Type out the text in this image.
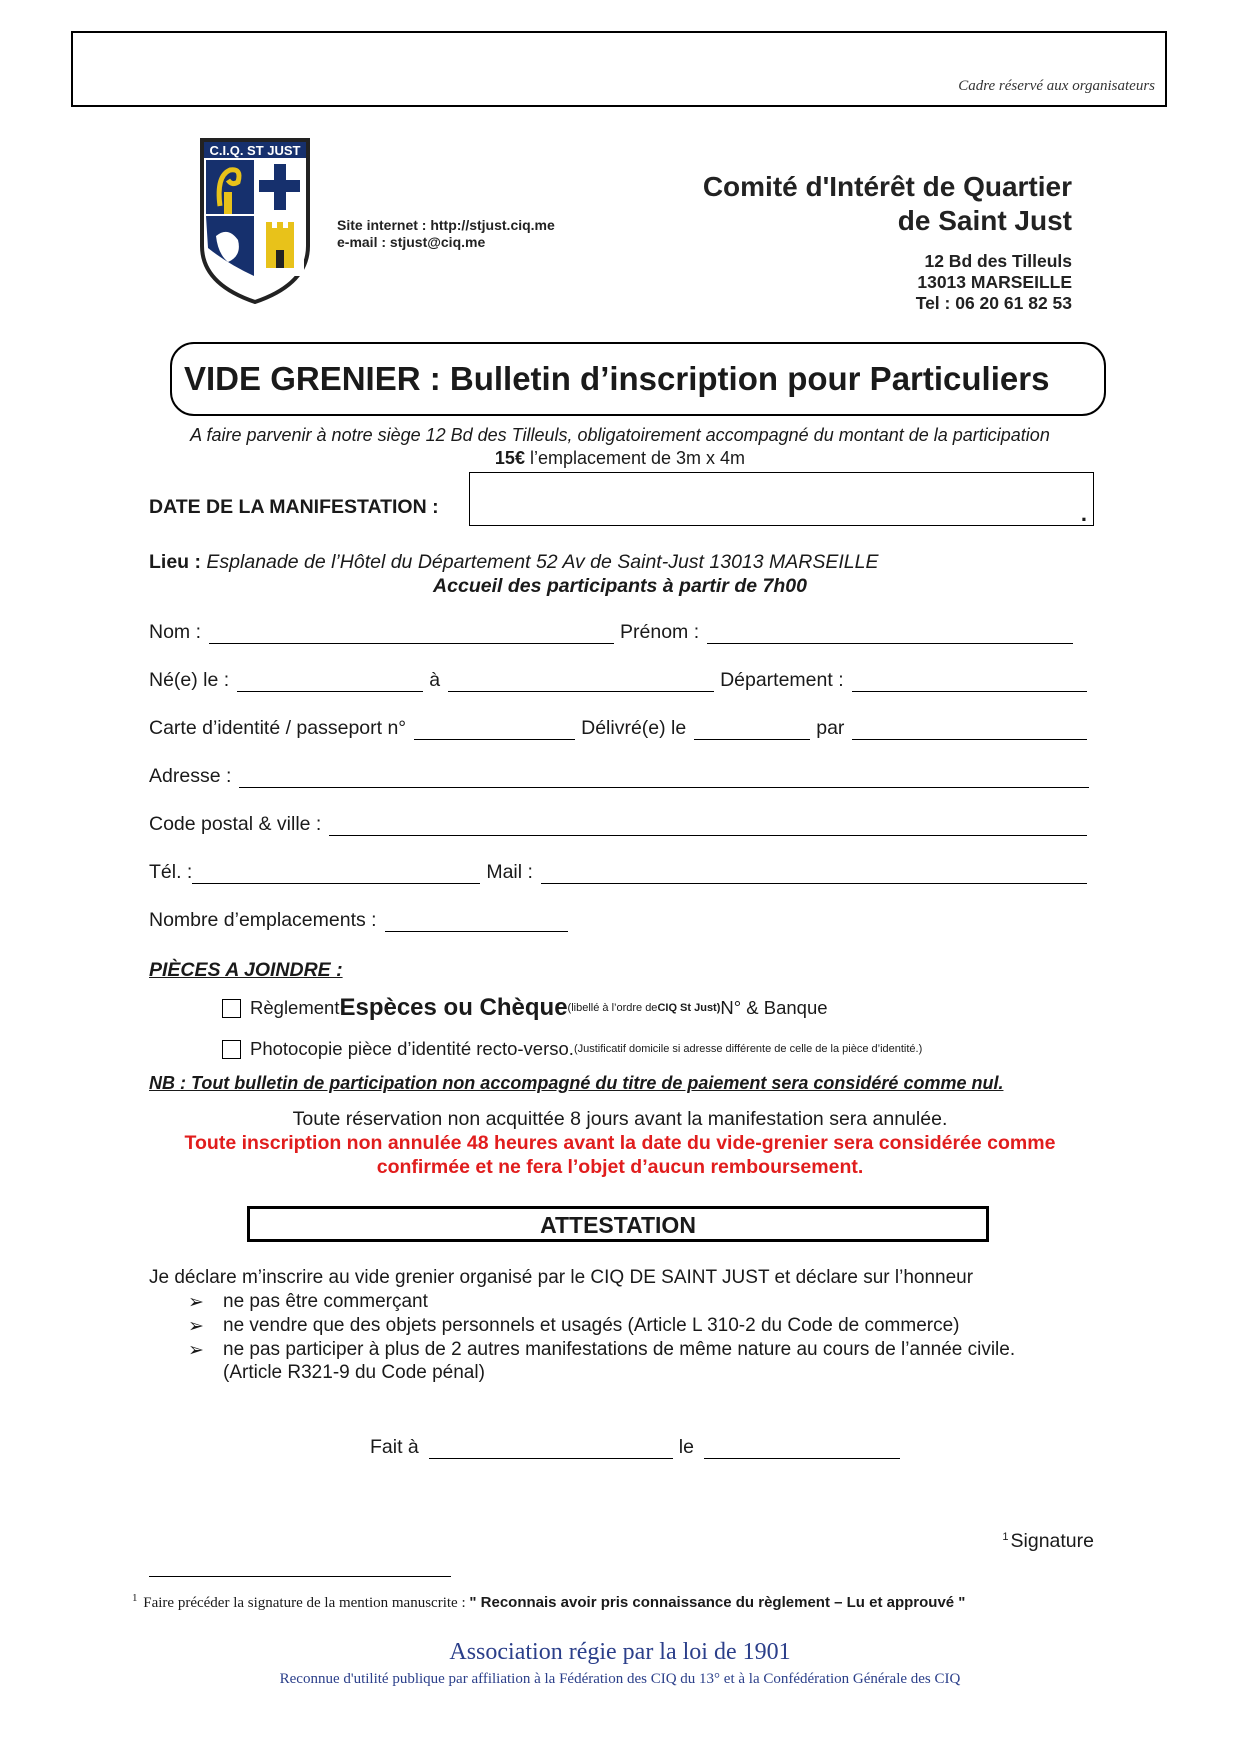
Cadre réservé aux organisateurs
C.I.Q. ST JUST
Site internet : http://stjust.ciq.me
e-mail : stjust@ciq.me
Comité d'Intérêt de Quartier
de Saint Just
12 Bd des Tilleuls
13013 MARSEILLE
Tel : 06 20 61 82 53
VIDE GRENIER : Bulletin d’inscription pour Particuliers
A faire parvenir à notre siège 12 Bd des Tilleuls, obligatoirement accompagné du montant de la participation
15€ l’emplacement de 3m x 4m
DATE DE LA MANIFESTATION :	.
Lieu : Esplanade de l’Hôtel du Département 52 Av de Saint-Just 13013 MARSEILLE
Accueil des participants à partir de 7h00
Nom :	Prénom :
Né(e) le :	à	Département :
Carte d’identité / passeport n°	Délivré(e) le	par
Adresse :
Code postal & ville :
Tél. :	Mail :
Nombre d’emplacements :
PIÈCES A JOINDRE :
Règlement Espèces ou Chèque (libellé à l’ordre de CIQ St Just) N° & Banque
Photocopie pièce d’identité recto-verso. (Justificatif domicile si adresse différente de celle de la pièce d’identité.)
NB : Tout bulletin de participation non accompagné du titre de paiement sera considéré comme nul.
Toute réservation non acquittée 8 jours avant la manifestation sera annulée.
Toute inscription non annulée 48 heures avant la date du vide-grenier sera considérée comme
confirmée et ne fera l’objet d’aucun remboursement.
ATTESTATION
Je déclare m’inscrire au vide grenier organisé par le CIQ DE SAINT JUST et déclare sur l’honneur
➢	ne pas être commerçant
➢	ne vendre que des objets personnels et usagés (Article L 310-2 du Code de commerce)
➢	ne pas participer à plus de 2 autres manifestations de même nature au cours de l’année civile.
(Article R321-9 du Code pénal)
Fait à	le
$^1$ Signature
$^1$ Faire précéder la signature de la mention manuscrite : " Reconnais avoir pris connaissance du règlement – Lu et approuvé "
Association régie par la loi de 1901
Reconnue d'utilité publique par affiliation à la Fédération des CIQ du 13° et à la Confédération Générale des CIQ
